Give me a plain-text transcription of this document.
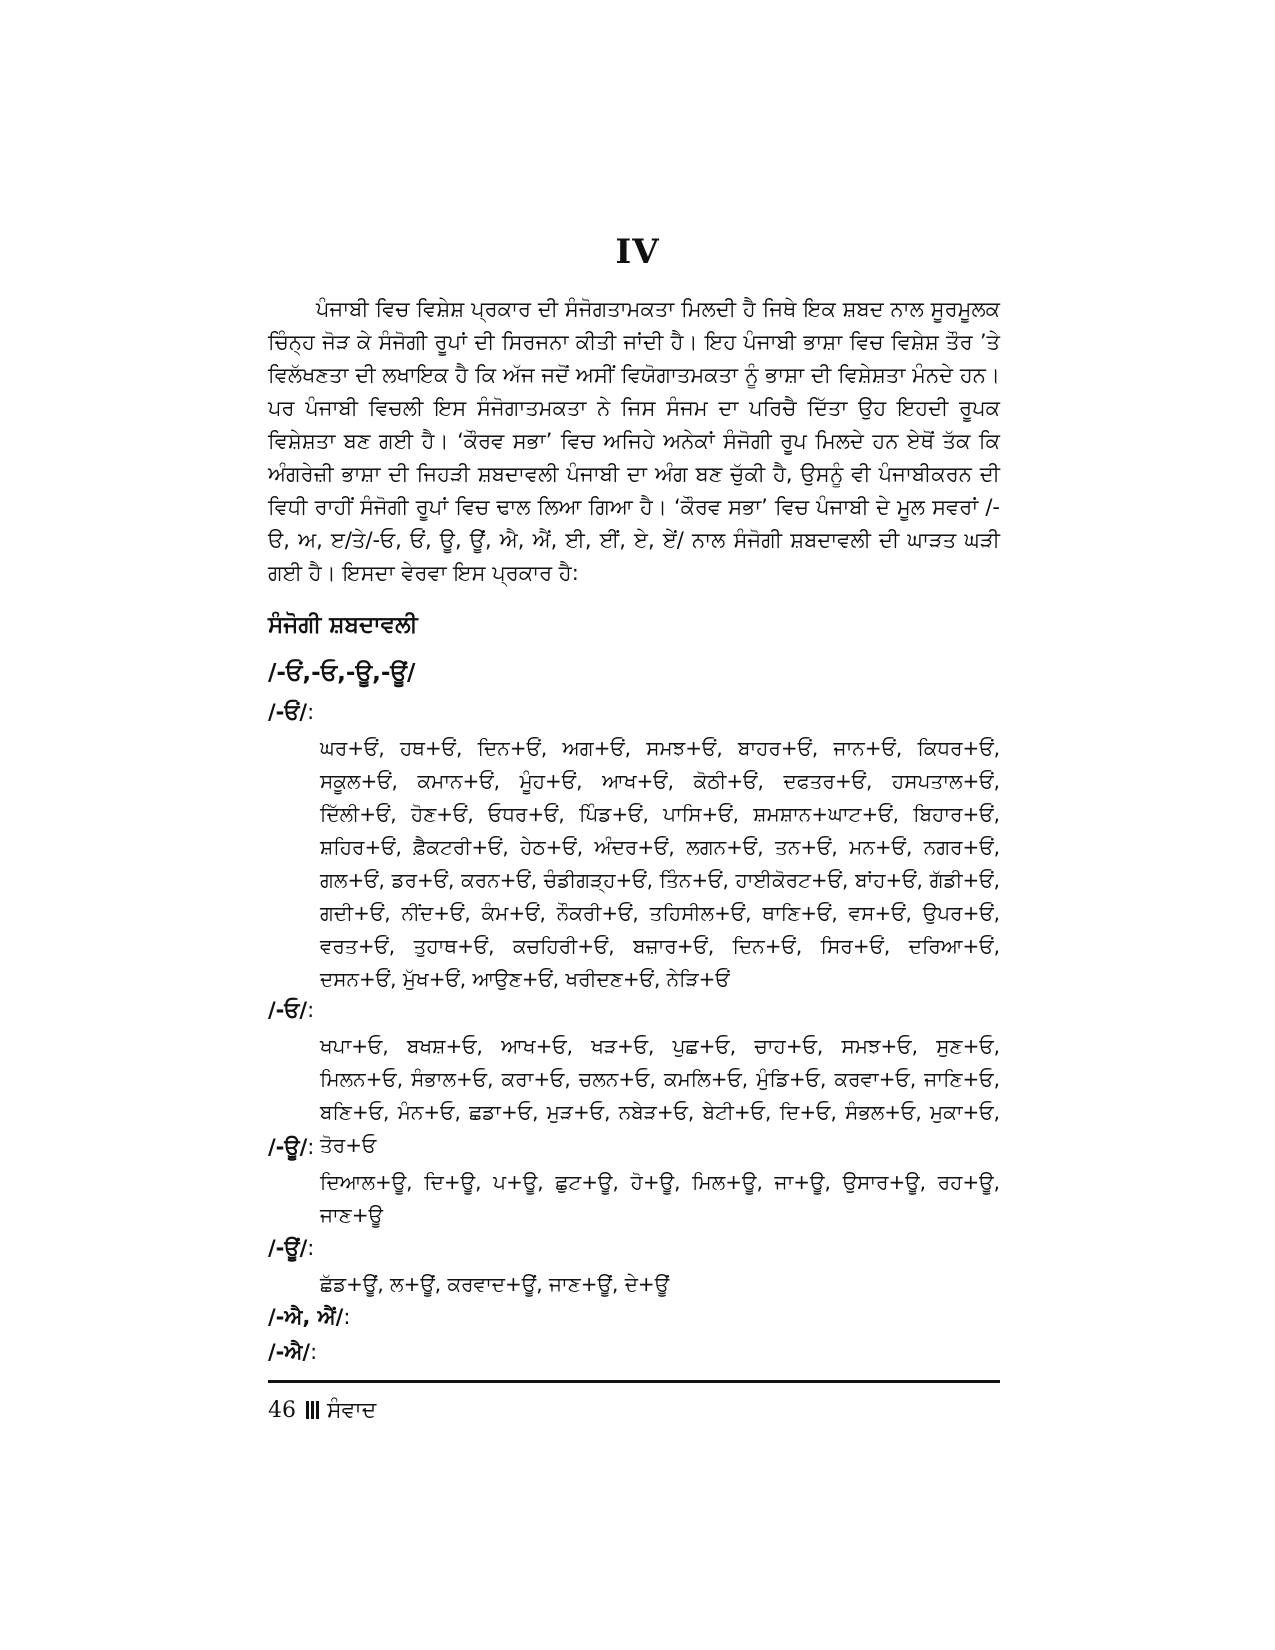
IV

ਪੰਜਾਬੀ ਵਿਚ ਵਿਸ਼ੇਸ਼ ਪ੍ਰਕਾਰ ਦੀ ਸੰਜੋਗਤਾਮਕਤਾ ਮਿਲਦੀ ਹੈ ਜਿਥੇ ਇਕ ਸ਼ਬਦ ਨਾਲ ਸੂਰਮੂਲਕ ਚਿੰਨ੍ਹ ਜੋੜ ਕੇ ਸੰਜੋਗੀ ਰੂਪਾਂ ਦੀ ਸਿਰਜਨਾ ਕੀਤੀ ਜਾਂਦੀ ਹੈ। ਇਹ ਪੰਜਾਬੀ ਭਾਸ਼ਾ ਵਿਚ ਵਿਸ਼ੇਸ਼ ਤੌਰ ’ਤੇ ਵਿਲੱਖਣਤਾ ਦੀ ਲਖਾਇਕ ਹੈ ਕਿ ਅੱਜ ਜਦੋਂ ਅਸੀਂ ਵਿਯੋਗਾਤਮਕਤਾ ਨੂੰ ਭਾਸ਼ਾ ਦੀ ਵਿਸ਼ੇਸ਼ਤਾ ਮੰਨਦੇ ਹਨ। ਪਰ ਪੰਜਾਬੀ ਵਿਚਲੀ ਇਸ ਸੰਜੋਗਾਤਮਕਤਾ ਨੇ ਜਿਸ ਸੰਜਮ ਦਾ ਪਰਿਚੈ ਦਿੱਤਾ ਉਹ ਇਹਦੀ ਰੂਪਕ ਵਿਸ਼ੇਸ਼ਤਾ ਬਣ ਗਈ ਹੈ। ‘ਕੌਰਵ ਸਭਾ’ ਵਿਚ ਅਜਿਹੇ ਅਨੇਕਾਂ ਸੰਜੋਗੀ ਰੂਪ ਮਿਲਦੇ ਹਨ ਏਥੋਂ ਤੱਕ ਕਿ ਅੰਗਰੇਜ਼ੀ ਭਾਸ਼ਾ ਦੀ ਜਿਹੜੀ ਸ਼ਬਦਾਵਲੀ ਪੰਜਾਬੀ ਦਾ ਅੰਗ ਬਣ ਚੁੱਕੀ ਹੈ, ਉਸਨੂੰ ਵੀ ਪੰਜਾਬੀਕਰਨ ਦੀ ਵਿਧੀ ਰਾਹੀਂ ਸੰਜੋਗੀ ਰੂਪਾਂ ਵਿਚ ਢਾਲ ਲਿਆ ਗਿਆ ਹੈ। ‘ਕੌਰਵ ਸਭਾ’ ਵਿਚ ਪੰਜਾਬੀ ਦੇ ਮੂਲ ਸਵਰਾਂ /-ੳ, ਅ, ੲ/ਤੇ/-ਓ, ਓਂ, ਊ, ਊਂ, ਐ, ਐਂ, ਈ, ਈਂ, ਏ, ਏਂ/ ਨਾਲ ਸੰਜੋਗੀ ਸ਼ਬਦਾਵਲੀ ਦੀ ਘਾੜਤ ਘੜੀ ਗਈ ਹੈ। ਇਸਦਾ ਵੇਰਵਾ ਇਸ ਪ੍ਰਕਾਰ ਹੈ:

ਸੰਜੋਗੀ ਸ਼ਬਦਾਵਲੀ
/-ਓਂ,-ਓ,-ਊ,-ਊਂ/
/-ਓਂ/:

ਘਰ+ਓਂ, ਹਥ+ਓਂ, ਦਿਨ+ਓਂ, ਅਗ+ਓਂ, ਸਮਝ+ਓਂ, ਬਾਹਰ+ਓਂ, ਜਾਨ+ਓਂ, ਕਿਧਰ+ਓਂ, ਸਕੂਲ+ਓਂ, ਕਮਾਨ+ਓਂ, ਮੂੰਹ+ਓਂ, ਆਖ+ਓਂ, ਕੋਠੀ+ਓਂ, ਦਫਤਰ+ਓਂ, ਹਸਪਤਾਲ+ਓਂ, ਦਿੱਲੀ+ਓਂ, ਹੋਣ+ਓਂ, ਓਧਰ+ਓਂ, ਪਿੰਡ+ਓਂ, ਪਾਸਿ+ਓਂ, ਸ਼ਮਸ਼ਾਨ+ਘਾਟ+ਓਂ, ਬਿਹਾਰ+ਓਂ, ਸ਼ਹਿਰ+ਓਂ, ਫ਼ੈਕਟਰੀ+ਓਂ, ਹੇਠ+ਓਂ, ਅੰਦਰ+ਓਂ, ਲਗਨ+ਓਂ, ਤਨ+ਓਂ, ਮਨ+ਓਂ, ਨਗਰ+ਓਂ, ਗਲ+ਓਂ, ਡਰ+ਓਂ, ਕਰਨ+ਓਂ, ਚੰਡੀਗੜ੍ਹ+ਓਂ, ਤਿੰਨ+ਓਂ, ਹਾਈਕੋਰਟ+ਓਂ, ਬਾਂਹ+ਓਂ, ਗੱਡੀ+ਓਂ, ਗਦੀ+ਓਂ, ਨੀਂਦ+ਓਂ, ਕੰਮ+ਓਂ, ਨੌਕਰੀ+ਓਂ, ਤਹਿਸੀਲ+ਓਂ, ਥਾਣਿ+ਓਂ, ਵਸ+ਓਂ, ਉਪਰ+ਓਂ, ਵਰਤ+ਓਂ, ਤੁਹਾਥ+ਓਂ, ਕਚਹਿਰੀ+ਓਂ, ਬਜ਼ਾਰ+ਓਂ, ਦਿਨ+ਓਂ, ਸਿਰ+ਓਂ, ਦਰਿਆ+ਓਂ, ਦਸਨ+ਓਂ, ਮੁੱਖ+ਓਂ, ਆਉਣ+ਓਂ, ਖਰੀਦਣ+ਓਂ, ਨੇੜਿ+ਓਂ

/-ਓ/:

ਖਪਾ+ਓ, ਬਖਸ਼+ਓ, ਆਖ+ਓ, ਖੜ+ਓ, ਪੁਛ+ਓ, ਚਾਹ+ਓ, ਸਮਝ+ਓ, ਸੁਣ+ਓ, ਮਿਲਨ+ਓ, ਸੰਭਾਲ+ਓ, ਕਰਾ+ਓ, ਚਲਨ+ਓ, ਕਮਲਿ+ਓ, ਮੁੰਡਿ+ਓ, ਕਰਵਾ+ਓ, ਜਾਣਿ+ਓ, ਬਣਿ+ਓ, ਮੰਨ+ਓ, ਛਡਾ+ਓ, ਮੁੜ+ਓ, ਨਬੇੜ+ਓ, ਬੇਟੀ+ਓ, ਦਿ+ਓ, ਸੰਭਲ+ਓ, ਮੁਕਾ+ਓ, ਤੋਰ+ਓ

/-ਊ/:

ਦਿਆਲ+ਊ, ਦਿ+ਊ, ਪ+ਊ, ਛੁਟ+ਊ, ਹੋ+ਊ, ਮਿਲ+ਊ, ਜਾ+ਊ, ਉਸਾਰ+ਊ, ਰਹ+ਊ, ਜਾਣ+ਊ

/-ਊਂ/:

ਛੱਡ+ਊਂ, ਲ+ਊਂ, ਕਰਵਾਦ+ਊਂ, ਜਾਣ+ਊਂ, ਦੇ+ਊਂ

/-ਐ, ਐਂ/:
/-ਐ/:
46 ਸੰਵਾਦ
